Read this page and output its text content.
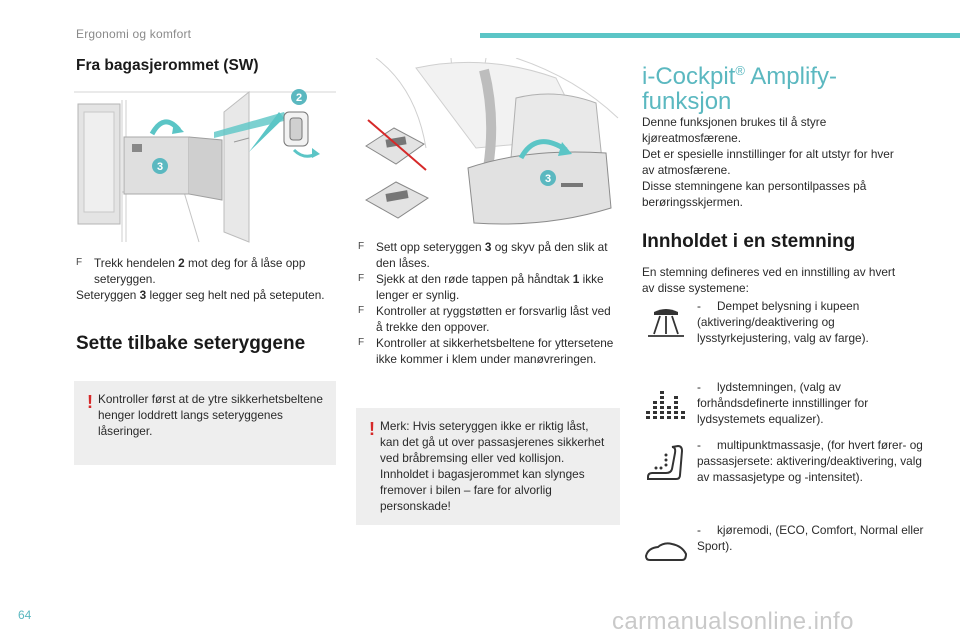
Ergonomi og komfort
Fra bagasjerommet (SW)
3
2
F Trekk hendelen 2 mot deg for å låse opp seteryggen.
Seteryggen 3 legger seg helt ned på seteputen.
Sette tilbake seteryggene
! Kontroller først at de ytre sikkerhetsbeltene henger loddrett langs seteryggenes låseringer.
3
F Sett opp seteryggen 3 og skyv på den slik at den låses.
F Sjekk at den røde tappen på håndtak 1 ikke lenger er synlig.
F Kontroller at ryggstøtten er forsvarlig låst ved å trekke den oppover.
F Kontroller at sikkerhetsbeltene for yttersetene ikke kommer i klem under manøvreringen.
! Merk: Hvis seteryggen ikke er riktig låst, kan det gå ut over passasjerenes sikkerhet ved bråbremsing eller ved kollisjon. Innholdet i bagasjerommet kan slynges fremover i bilen – fare for alvorlig personskade!
i-Cockpit® Amplify-
funksjon
Denne funksjonen brukes til å styre kjøreatmosfærene.
Det er spesielle innstillinger for alt utstyr for hver av atmosfærene.
Disse stemningene kan persontilpasses på berøringsskjermen.
Innholdet i en stemning
En stemning defineres ved en innstilling av hvert av disse systemene:
- Dempet belysning i kupeen (aktivering/deaktivering og lysstyrkejustering, valg av farge).
- lydstemningen, (valg av forhåndsdefinerte innstillinger for lydsystemets equalizer).
- multipunktmassasje, (for hvert fører- og passasjersete: aktivering/deaktivering, valg av massasjetype og -intensitet).
- kjøremodi, (ECO, Comfort, Normal eller Sport).
64	carmanualsonline.info
